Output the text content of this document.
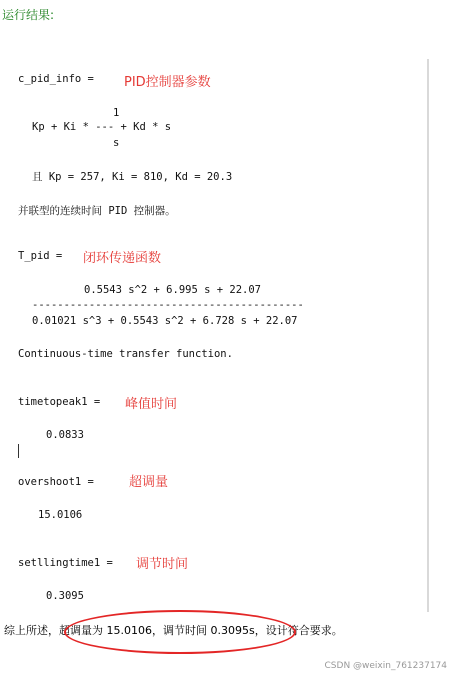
运行结果:
c_pid_info = PID控制器参数
1
Kp + Ki * --- + Kd * s
s
且 Kp = 257, Ki = 810, Kd = 20.3
并联型的连续时间 PID 控制器。
T_pid = 闭环传递函数
0.5543 s^2 + 6.995 s + 22.07
-------------------------------------------
0.01021 s^3 + 0.5543 s^2 + 6.728 s + 22.07
Continuous-time transfer function.
timetopeak1 = 峰值时间
0.0833
overshoot1 =	超调量
15.0106
setllingtime1 = 调节时间
0.3095
综上所述，超调量为 15.0106，调节时间 0.3095s，设计符合要求。
CSDN @weixin_761237174
